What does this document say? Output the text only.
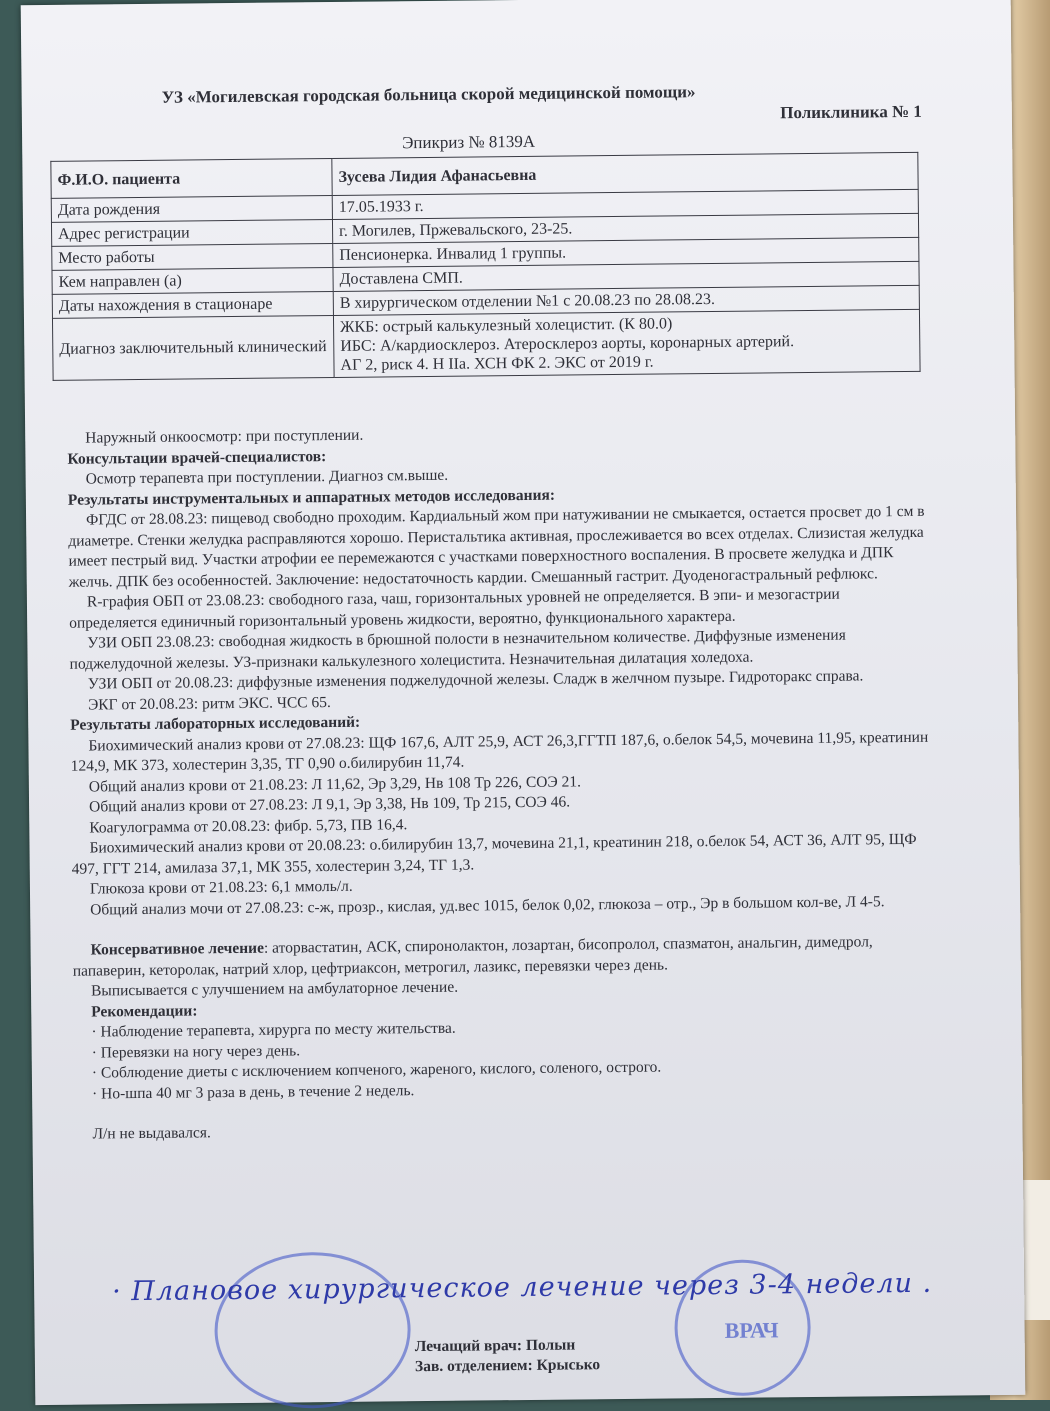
УЗ «Могилевская городская больница скорой медицинской помощи»
Поликлиника № 1
Эпикриз № 8139А
Ф.И.О. пациента	Зусева Лидия Афанасьевна
Дата рождения	17.05.1933 г.
Адрес регистрации	г. Могилев, Пржевальского, 23-25.
Место работы	Пенсионерка. Инвалид 1 группы.
Кем направлен (а)	Доставлена СМП.
Даты нахождения в стационаре	В хирургическом отделении №1 с 20.08.23 по 28.08.23.
Диагноз заключительный клинический	ЖКБ: острый калькулезный холецистит. (К 80.0)
ИБС: А/кардиосклероз. Атеросклероз аорты, коронарных артерий.
АГ 2, риск 4. Н IIа. ХСН ФК 2. ЭКС от 2019 г.

Наружный онкоосмотр: при поступлении.

Консультации врачей-специалистов:

Осмотр терапевта при поступлении. Диагноз см.выше.

Результаты инструментальных и аппаратных методов исследования:

ФГДС от 28.08.23: пищевод свободно проходим. Кардиальный жом при натуживании не смыкается, остается просвет до 1 см в диаметре. Стенки желудка расправляются хорошо. Перистальтика активная, прослеживается во всех отделах. Слизистая желудка имеет пестрый вид. Участки атрофии ее перемежаются с участками поверхностного воспаления. В просвете желудка и ДПК желчь. ДПК без особенностей. Заключение: недостаточность кардии. Смешанный гастрит. Дуоденогастральный рефлюкс.

R-графия ОБП от 23.08.23: свободного газа, чаш, горизонтальных уровней не определяется. В эпи- и мезогастрии определяется единичный горизонтальный уровень жидкости, вероятно, функционального характера.

УЗИ ОБП 23.08.23: свободная жидкость в брюшной полости в незначительном количестве. Диффузные изменения поджелудочной железы. УЗ-признаки калькулезного холецистита. Незначительная дилатация холедоха.

УЗИ ОБП от 20.08.23: диффузные изменения поджелудочной железы. Сладж в желчном пузыре. Гидроторакс справа.

ЭКГ от 20.08.23: ритм ЭКС. ЧСС 65.

Результаты лабораторных исследований:

Биохимический анализ крови от 27.08.23: ЩФ 167,6, АЛТ 25,9, АСТ 26,3,ГГТП 187,6, о.белок 54,5, мочевина 11,95, креатинин 124,9, МК 373, холестерин 3,35, ТГ 0,90 о.билирубин 11,74.

Общий анализ крови от 21.08.23: Л 11,62, Эр 3,29, Нв 108 Тр 226, СОЭ 21.

Общий анализ крови от 27.08.23: Л 9,1, Эр 3,38, Нв 109, Тр 215, СОЭ 46.

Коагулограмма от 20.08.23: фибр. 5,73, ПВ 16,4.

Биохимический анализ крови от 20.08.23: о.билирубин 13,7, мочевина 21,1, креатинин 218, о.белок 54, АСТ 36, АЛТ 95, ЩФ 497, ГГТ 214, амилаза 37,1, МК 355, холестерин 3,24, ТГ 1,3.

Глюкоза крови от 21.08.23: 6,1 ммоль/л.

Общий анализ мочи от 27.08.23: с-ж, прозр., кислая, уд.вес 1015, белок 0,02, глюкоза – отр., Эр в большом кол-ве, Л 4-5.

Консервативное лечение: аторвастатин, АСК, спиронолактон, лозартан, бисопролол, спазматон, анальгин, димедрол, папаверин, кеторолак, натрий хлор, цефтриаксон, метрогил, лазикс, перевязки через день.

Выписывается с улучшением на амбулаторное лечение.

Рекомендации:

· Наблюдение терапевта, хирурга по месту жительства.

· Перевязки на ногу через день.

· Соблюдение диеты с исключением копченого, жареного, кислого, соленого, острого.

· Но-шпа 40 мг 3 раза в день, в течение 2 недель.

Л/н не выдавался.

ВРАЧ
· Плановое хирургическое лечение через 3-4 недели .
Лечащий врач: Полын
Зав. отделением: Крысько
